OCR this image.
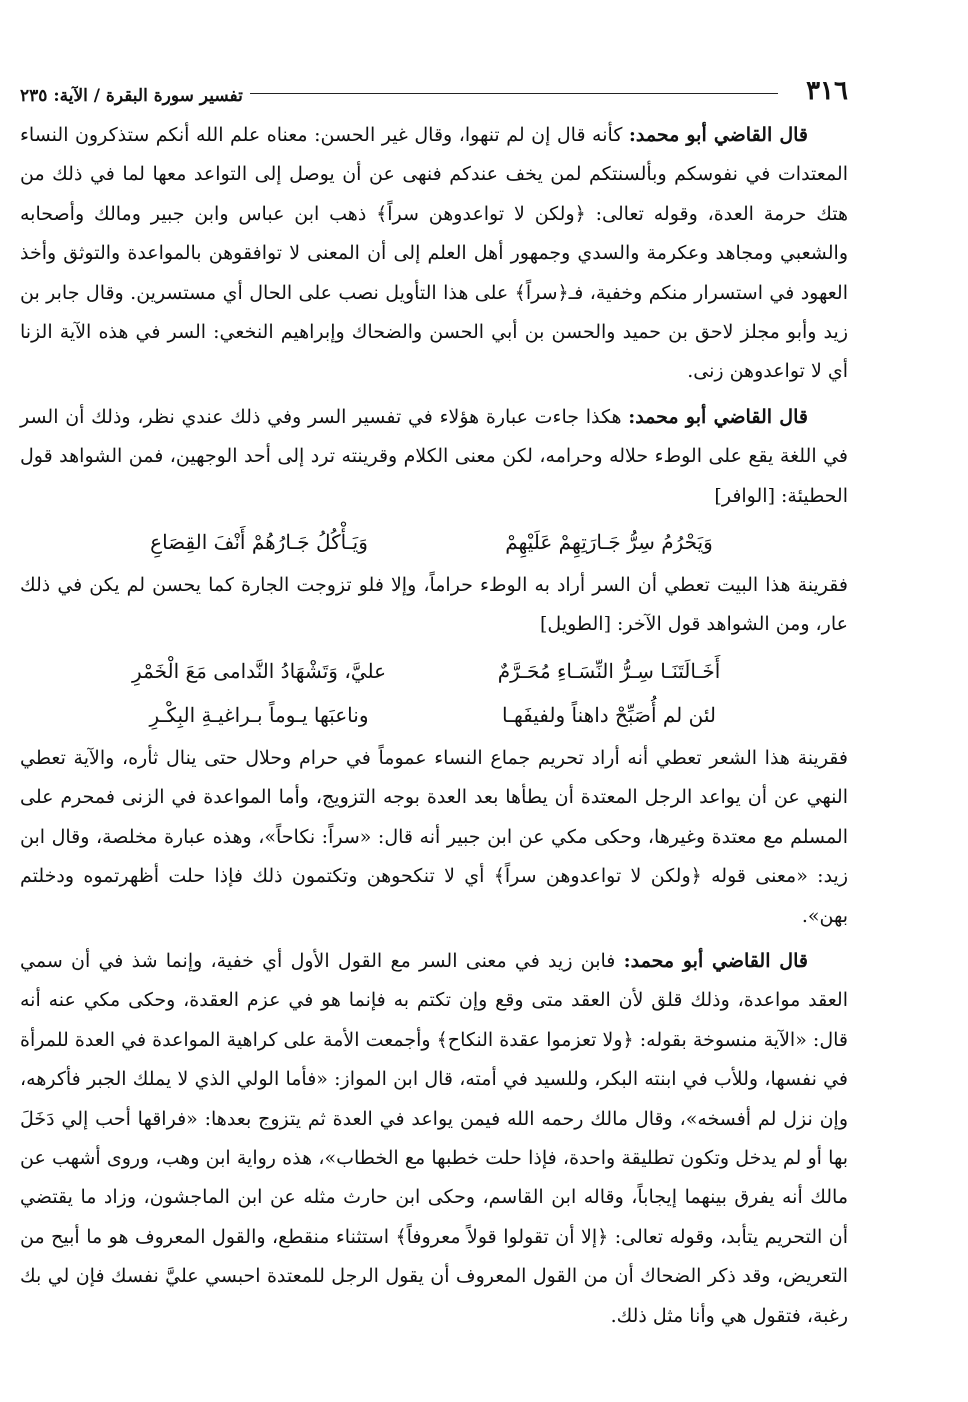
٣١٦
تفسير سورة البقرة / الآية: ٢٣٥

قال القاضي أبو محمد: كأنه قال إن لم تنهوا، وقال غير الحسن: معناه علم الله أنكم ستذكرون النساء المعتدات في نفوسكم وبألسنتكم لمن يخف عندكم فنهى عن أن يوصل إلى التواعد معها لما في ذلك من هتك حرمة العدة، وقوله تعالى: ﴿ولكن لا تواعدوهن سراً﴾ ذهب ابن عباس وابن جبير ومالك وأصحابه والشعبي ومجاهد وعكرمة والسدي وجمهور أهل العلم إلى أن المعنى لا توافقوهن بالمواعدة والتوثق وأخذ العهود في استسرار منكم وخفية، فـ﴿سراً﴾ على هذا التأويل نصب على الحال أي مستسرين. وقال جابر بن زيد وأبو مجلز لاحق بن حميد والحسن بن أبي الحسن والضحاك وإبراهيم النخعي: السر في هذه الآية الزنا أي لا تواعدوهن زنى.

قال القاضي أبو محمد: هكذا جاءت عبارة هؤلاء في تفسير السر وفي ذلك عندي نظر، وذلك أن السر في اللغة يقع على الوطء حلاله وحرامه، لكن معنى الكلام وقرينته ترد إلى أحد الوجهين، فمن الشواهد قول الحطيئة: [الوافر]

وَيَحْرُمُ سِرُّ جَـارَتِهِمْ عَلَيْهِمْ
وَيَـأْكُلُ جَـارُهُمْ أَنْفَ القِصَاعِ

فقرينة هذا البيت تعطي أن السر أراد به الوطء حراماً، وإلا فلو تزوجت الجارة كما يحسن لم يكن في ذلك عار، ومن الشواهد قول الآخر: [الطويل]

أَخَـالَتَنَـا سِـرُّ النِّسَـاءِ مُحَـرَّمٌ
عليَّ، وَتَشْهَادُ النَّدامى مَعَ الْخَمْرِ
لئن لم أُصَبِّحْ داهناً ولفيفَهـا
وناعبَها يـوماً بـراغيـةِ البِكْـرِ

فقرينة هذا الشعر تعطي أنه أراد تحريم جماع النساء عموماً في حرام وحلال حتى ينال ثأره، والآية تعطي النهي عن أن يواعد الرجل المعتدة أن يطأها بعد العدة بوجه التزويج، وأما المواعدة في الزنى فمحرم على المسلم مع معتدة وغيرها، وحكى مكي عن ابن جبير أنه قال: «سراً: نكاحاً»، وهذه عبارة مخلصة، وقال ابن زيد: «معنى قوله ﴿ولكن لا تواعدوهن سراً﴾ أي لا تنكحوهن وتكتمون ذلك فإذا حلت أظهرتموه ودخلتم بهن».

قال القاضي أبو محمد: فابن زيد في معنى السر مع القول الأول أي خفية، وإنما شذ في أن سمي العقد مواعدة، وذلك قلق لأن العقد متى وقع وإن تكتم به فإنما هو في عزم العقدة، وحكى مكي عنه أنه قال: «الآية منسوخة بقوله: ﴿ولا تعزموا عقدة النكاح﴾ وأجمعت الأمة على كراهية المواعدة في العدة للمرأة في نفسها، وللأب في ابنته البكر، وللسيد في أمته، قال ابن المواز: «فأما الولي الذي لا يملك الجبر فأكرهه، وإن نزل لم أفسخه»، وقال مالك رحمه الله فيمن يواعد في العدة ثم يتزوج بعدها: «فراقها أحب إلي دَخَلَ بها أو لم يدخل وتكون تطليقة واحدة، فإذا حلت خطبها مع الخطاب»، هذه رواية ابن وهب، وروى أشهب عن مالك أنه يفرق بينهما إيجاباً، وقاله ابن القاسم، وحكى ابن حارث مثله عن ابن الماجشون، وزاد ما يقتضي أن التحريم يتأبد، وقوله تعالى: ﴿إلا أن تقولوا قولاً معروفاً﴾ استثناء منقطع، والقول المعروف هو ما أبيح من التعريض، وقد ذكر الضحاك أن من القول المعروف أن يقول الرجل للمعتدة احبسي عليَّ نفسك فإن لي بك رغبة، فتقول هي وأنا مثل ذلك.
